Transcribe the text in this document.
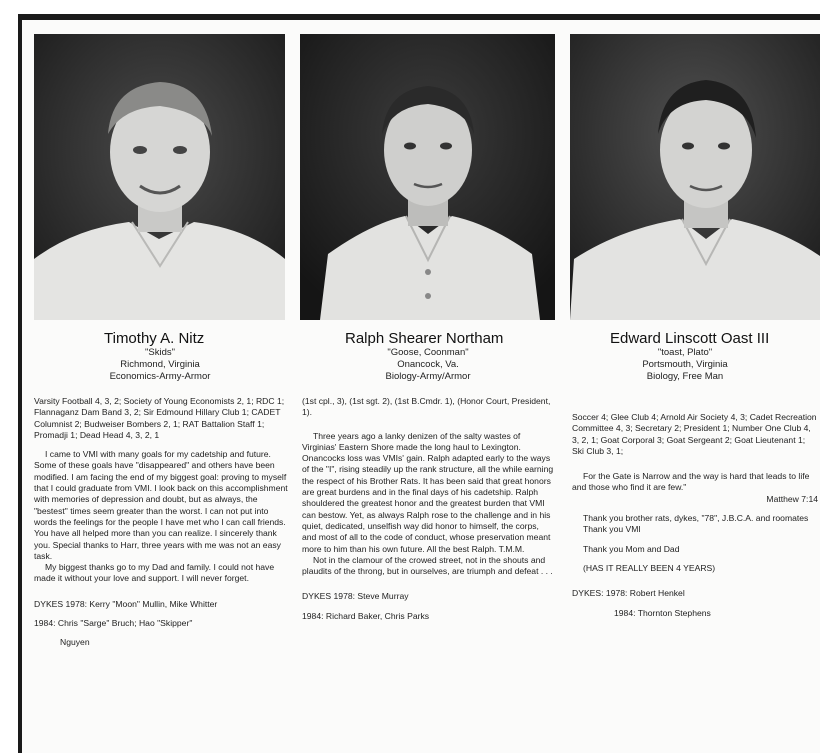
Timothy A. Nitz
"Skids"
Richmond, Virginia
Economics-Army-Armor

Varsity Football 4, 3, 2; Society of Young Economists 2, 1; RDC 1; Flannaganz Dam Band 3, 2; Sir Edmound Hillary Club 1; CADET Columnist 2; Budweiser Bombers 2, 1; RAT Battalion Staff 1; Promadji 1; Dead Head 4, 3, 2, 1

I came to VMI with many goals for my cadetship and future. Some of these goals have "disappeared" and others have been modified. I am facing the end of my biggest goal: proving to myself that I could graduate from VMI. I look back on this accomplishment with memories of depression and doubt, but as always, the "bestest" times seem greater than the worst. I can not put into words the feelings for the people I have met who I can call friends. You have all helped more than you can realize. I sincerely thank you. Special thanks to Harr, three years with me was not an easy task.

My biggest thanks go to my Dad and family. I could not have made it without your love and support. I will never forget.

DYKES 1978: Kerry "Moon" Mullin, Mike Whitter

1984: Chris "Sarge" Bruch; Hao "Skipper"

Nguyen

Ralph Shearer Northam
"Goose, Coonman"
Onancock, Va.
Biology-Army/Armor

(1st cpl., 3), (1st sgt. 2), (1st B.Cmdr. 1), (Honor Court, President, 1).

Three years ago a lanky denizen of the salty wastes of Virginias' Eastern Shore made the long haul to Lexington. Onancocks loss was VMIs' gain. Ralph adapted early to the ways of the "I", rising steadily up the rank structure, all the while earning the respect of his Brother Rats. It has been said that great honors are great burdens and in the final days of his cadetship. Ralph shouldered the greatest honor and the greatest burden that VMI can bestow. Yet, as always Ralph rose to the challenge and in his quiet, dedicated, unselfish way did honor to himself, the corps, and most of all to the code of conduct, whose preservation meant more to him than his own future. All the best Ralph. T.M.M.

Not in the clamour of the crowed street, not in the shouts and plaudits of the throng, but in ourselves, are triumph and defeat . . .

DYKES 1978: Steve Murray

1984: Richard Baker, Chris Parks

Edward Linscott Oast III
"toast, Plato"
Portsmouth, Virginia
Biology, Free Man

Soccer 4; Glee Club 4; Arnold Air Society 4, 3; Cadet Recreation Committee 4, 3; Secretary 2; President 1; Number One Club 4, 3, 2, 1; Goat Corporal 3; Goat Sergeant 2; Goat Lieutenant 1; Ski Club 3, 1;

For the Gate is Narrow and the way is hard that leads to life and those who find it are few."

Matthew 7:14

Thank you brother rats, dykes, "78", J.B.C.A. and roomates

Thank you VMI

Thank you Mom and Dad

(HAS IT REALLY BEEN 4 YEARS)

DYKES: 1978: Robert Henkel

1984: Thornton Stephens
